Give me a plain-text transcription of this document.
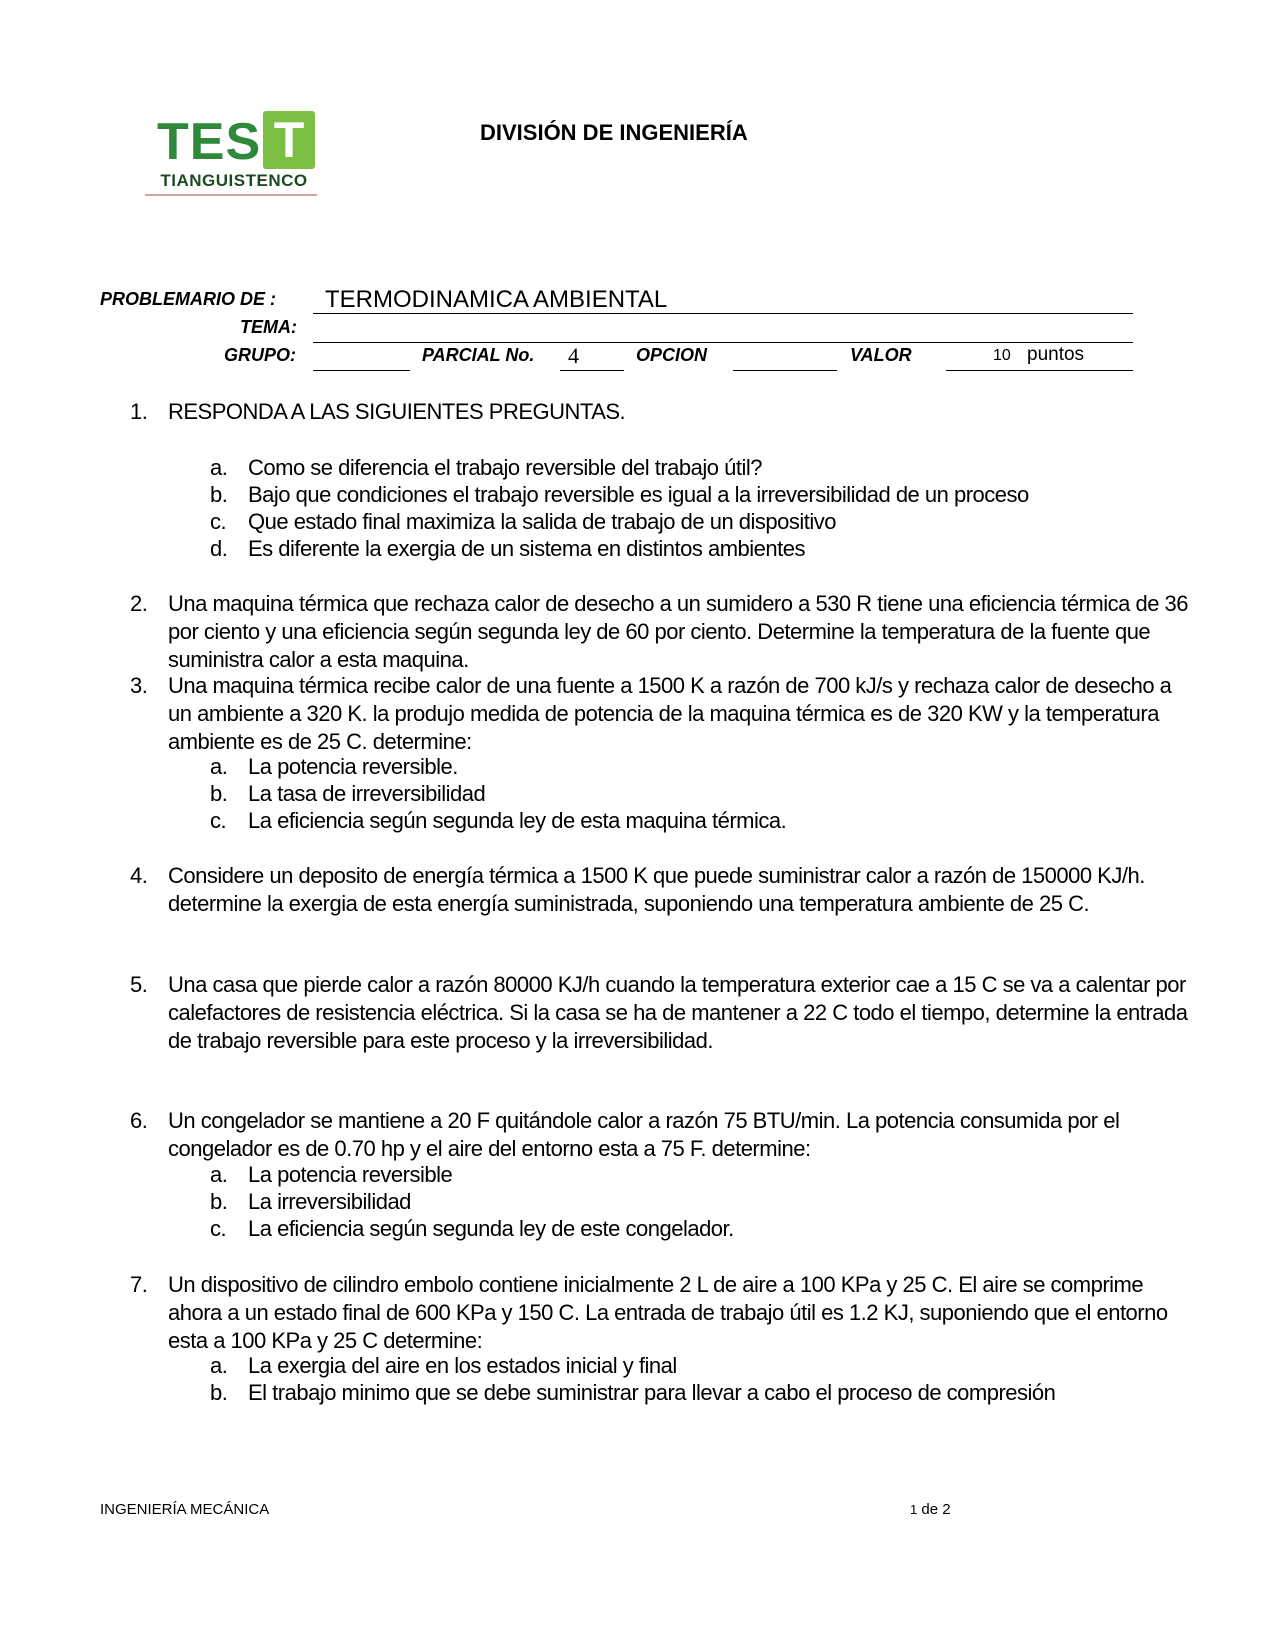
TES T
TIANGUISTENCO
DIVISIÓN DE INGENIERÍA
PROBLEMARIO DE : TERMODINAMICA AMBIENTAL
TEMA:
GRUPO:	PARCIAL No. 4	OPCION	VALOR	10 puntos
1. RESPONDA A LAS SIGUIENTES PREGUNTAS.
a. Como se diferencia el trabajo reversible del trabajo útil?
b. Bajo que condiciones el trabajo reversible es igual a la irreversibilidad de un proceso
c. Que estado final maximiza la salida de trabajo de un dispositivo
d. Es diferente la exergia de un sistema en distintos ambientes
2. Una maquina térmica que rechaza calor de desecho a un sumidero a 530 R tiene una eficiencia térmica de 36
por ciento y una eficiencia según segunda ley de 60 por ciento. Determine la temperatura de la fuente que
suministra calor a esta maquina.
3. Una maquina térmica recibe calor de una fuente a 1500 K a razón de 700 kJ/s y rechaza calor de desecho a
un ambiente a 320 K. la produjo medida de potencia de la maquina térmica es de 320 KW y la temperatura
ambiente es de 25 C. determine:
a. La potencia reversible.
b. La tasa de irreversibilidad
c. La eficiencia según segunda ley de esta maquina térmica.
4. Considere un deposito de energía térmica a 1500 K que puede suministrar calor a razón de 150000 KJ/h.
determine la exergia de esta energía suministrada, suponiendo una temperatura ambiente de 25 C.
5. Una casa que pierde calor a razón 80000 KJ/h cuando la temperatura exterior cae a 15 C se va a calentar por
calefactores de resistencia eléctrica. Si la casa se ha de mantener a 22 C todo el tiempo, determine la entrada
de trabajo reversible para este proceso y la irreversibilidad.
6. Un congelador se mantiene a 20 F quitándole calor a razón 75 BTU/min. La potencia consumida por el
congelador es de 0.70 hp y el aire del entorno esta a 75 F. determine:
a. La potencia reversible
b. La irreversibilidad
c. La eficiencia según segunda ley de este congelador.
7. Un dispositivo de cilindro embolo contiene inicialmente 2 L de aire a 100 KPa y 25 C. El aire se comprime
ahora a un estado final de 600 KPa y 150 C. La entrada de trabajo útil es 1.2 KJ, suponiendo que el entorno
esta a 100 KPa y 25 C determine:
a. La exergia del aire en los estados inicial y final
b. El trabajo minimo que se debe suministrar para llevar a cabo el proceso de compresión
INGENIERÍA MECÁNICA	1 de 2
